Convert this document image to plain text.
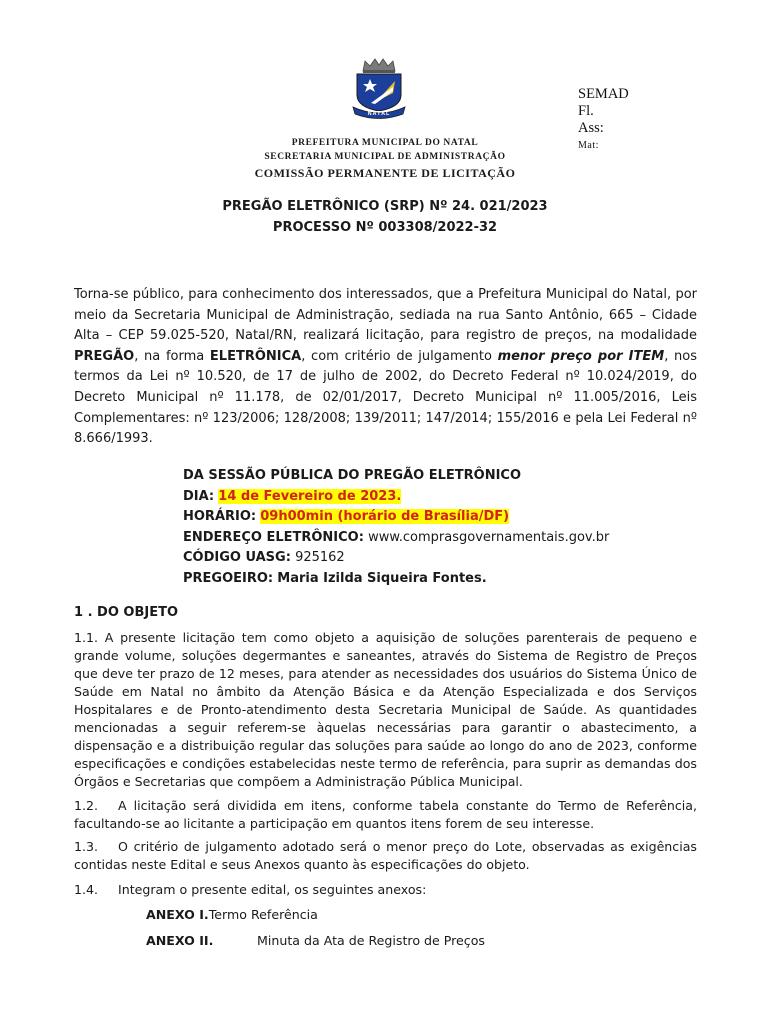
NATAL
PREFEITURA MUNICIPAL DO NATAL
SECRETARIA MUNICIPAL DE ADMINISTRAÇÃO
COMISSÃO PERMANENTE DE LICITAÇÃO
SEMAD
Fl.
Ass:
Mat:
PREGÃO ELETRÔNICO (SRP) Nº 24. 021/2023
PROCESSO Nº 003308/2022-32
Torna-se público, para conhecimento dos interessados, que a Prefeitura Municipal do Natal, por meio da Secretaria Municipal de Administração, sediada na rua Santo Antônio, 665 – Cidade Alta – CEP 59.025-520, Natal/RN, realizará licitação, para registro de preços, na modalidade PREGÃO, na forma ELETRÔNICA, com critério de julgamento menor preço por ITEM, nos termos da Lei nº 10.520, de 17 de julho de 2002, do Decreto Federal nº 10.024/2019, do Decreto Municipal nº 11.178, de 02/01/2017, Decreto Municipal nº 11.005/2016, Leis Complementares: nº 123/2006; 128/2008; 139/2011; 147/2014; 155/2016 e pela Lei Federal nº 8.666/1993.
DA SESSÃO PÚBLICA DO PREGÃO ELETRÔNICO
DIA: 14 de Fevereiro de 2023.
HORÁRIO: 09h00min (horário de Brasília/DF)
ENDEREÇO ELETRÔNICO: www.comprasgovernamentais.gov.br
CÓDIGO UASG: 925162
PREGOEIRO: Maria Izilda Siqueira Fontes.
1 . DO OBJETO
1.1. A presente licitação tem como objeto a aquisição de soluções parenterais de pequeno e grande volume, soluções degermantes e saneantes, através do Sistema de Registro de Preços que deve ter prazo de 12 meses, para atender as necessidades dos usuários do Sistema Único de Saúde em Natal no âmbito da Atenção Básica e da Atenção Especializada e dos Serviços Hospitalares e de Pronto-atendimento desta Secretaria Municipal de Saúde. As quantidades mencionadas a seguir referem-se àquelas necessárias para garantir o abastecimento, a dispensação e a distribuição regular das soluções para saúde ao longo do ano de 2023, conforme especificações e condições estabelecidas neste termo de referência, para suprir as demandas dos Órgãos e Secretarias que compõem a Administração Pública Municipal.
1.2. A licitação será dividida em itens, conforme tabela constante do Termo de Referência, facultando-se ao licitante a participação em quantos itens forem de seu interesse.
1.3. O critério de julgamento adotado será o menor preço do Lote, observadas as exigências contidas neste Edital e seus Anexos quanto às especificações do objeto.
1.4. Integram o presente edital, os seguintes anexos:
ANEXO I.Termo Referência
ANEXO II.	Minuta da Ata de Registro de Preços
